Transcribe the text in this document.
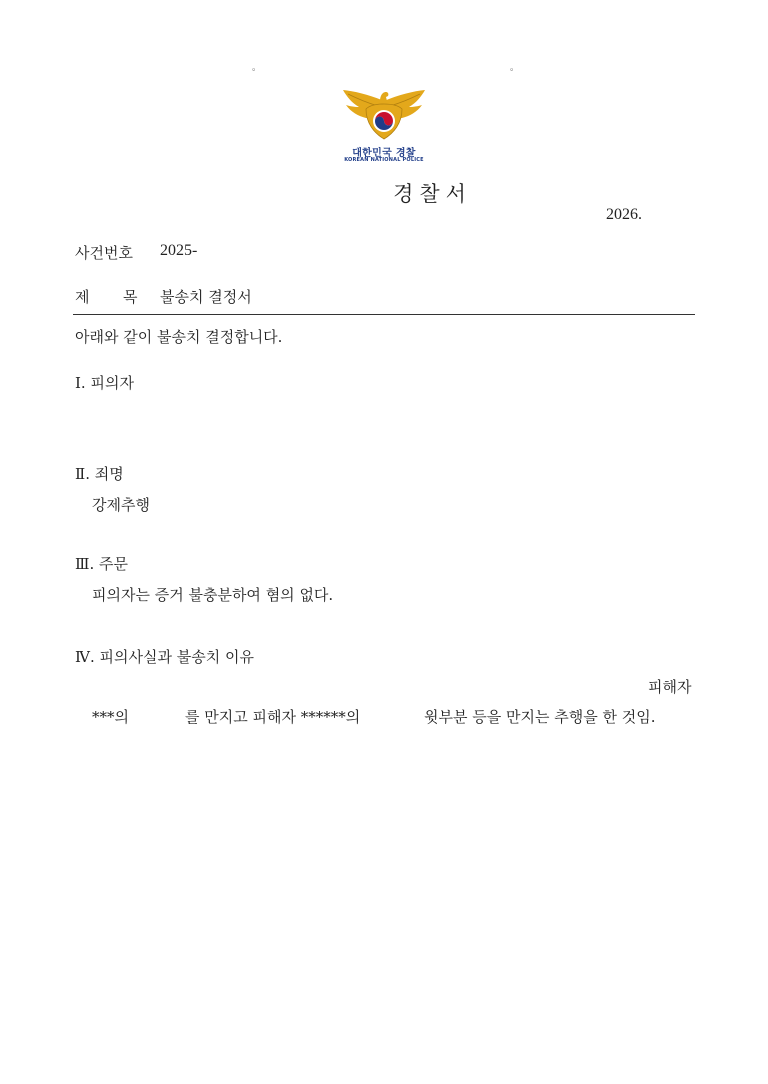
。	。
대한민국 경찰
KOREAN NATIONAL POLICE
경찰서
2026.
사건번호 2025-
제 목 불송치 결정서
아래와 같이 불송치 결정합니다.
Ⅰ. 피의자
Ⅱ. 죄명
강제추행
Ⅲ. 주문
피의자는 증거 불충분하여 혐의 없다.
Ⅳ. 피의사실과 불송치 이유
피해자
***의	를 만지고 피해자 ******의	윗부분 등을 만지는 추행을 한 것임.
